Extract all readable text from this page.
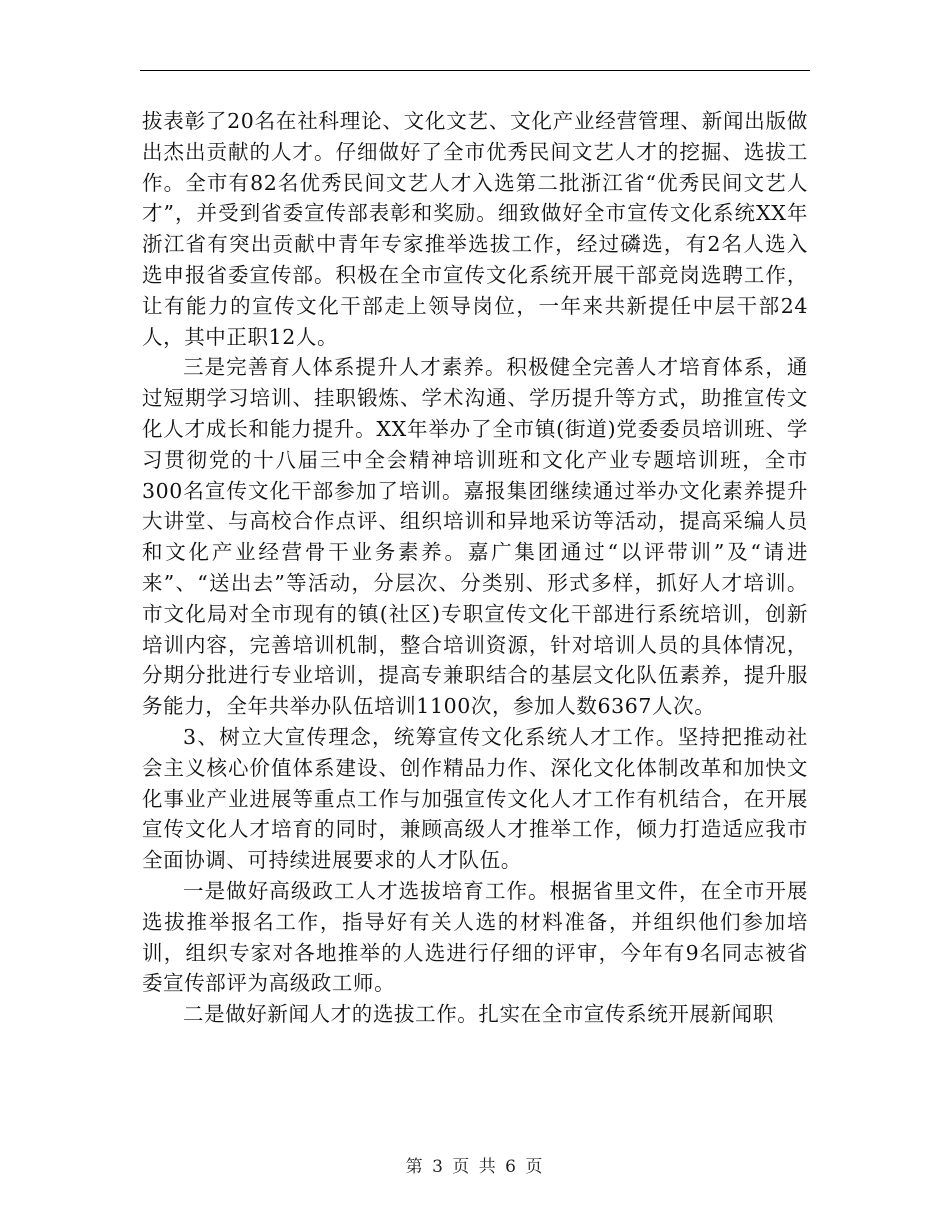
拔表彰了20名在社科理论、文化文艺、文化产业经营管理、新闻出版做出杰出贡献的人才。仔细做好了全市优秀民间文艺人才的挖掘、选拔工作。全市有82名优秀民间文艺人才入选第二批浙江省“优秀民间文艺人才”，并受到省委宣传部表彰和奖励。细致做好全市宣传文化系统XX年浙江省有突出贡献中青年专家推举选拔工作，经过磷选，有2名人选入选申报省委宣传部。积极在全市宣传文化系统开展干部竞岗选聘工作，让有能力的宣传文化干部走上领导岗位，一年来共新提任中层干部24人，其中正职12人。

三是完善育人体系提升人才素养。积极健全完善人才培育体系，通过短期学习培训、挂职锻炼、学术沟通、学历提升等方式，助推宣传文化人才成长和能力提升。XX年举办了全市镇(街道)党委委员培训班、学习贯彻党的十八届三中全会精神培训班和文化产业专题培训班，全市300名宣传文化干部参加了培训。嘉报集团继续通过举办文化素养提升大讲堂、与高校合作点评、组织培训和异地采访等活动，提高采编人员和文化产业经营骨干业务素养。嘉广集团通过“以评带训”及“请进来”、“送出去”等活动，分层次、分类别、形式多样，抓好人才培训。市文化局对全市现有的镇(社区)专职宣传文化干部进行系统培训，创新培训内容，完善培训机制，整合培训资源，针对培训人员的具体情况，分期分批进行专业培训，提高专兼职结合的基层文化队伍素养，提升服务能力，全年共举办队伍培训1100次，参加人数6367人次。

3、树立大宣传理念，统筹宣传文化系统人才工作。坚持把推动社会主义核心价值体系建设、创作精品力作、深化文化体制改革和加快文化事业产业进展等重点工作与加强宣传文化人才工作有机结合，在开展宣传文化人才培育的同时，兼顾高级人才推举工作，倾力打造适应我市全面协调、可持续进展要求的人才队伍。

一是做好高级政工人才选拔培育工作。根据省里文件，在全市开展选拔推举报名工作，指导好有关人选的材料准备，并组织他们参加培训，组织专家对各地推举的人选进行仔细的评审，今年有9名同志被省委宣传部评为高级政工师。

二是做好新闻人才的选拔工作。扎实在全市宣传系统开展新闻职

第 3 页 共 6 页
